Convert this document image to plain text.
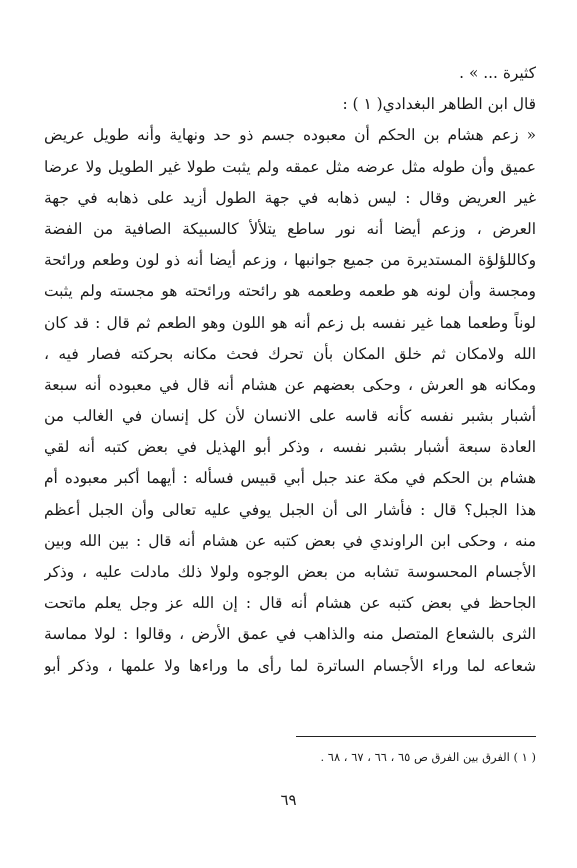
كثيرة ... » .
قال ابن الطاهر البغدادي( ١ ) :
« زعم هشام بن الحكم أن معبوده جسم ذو حد ونهاية وأنه طويل عريض
عميق وأن طوله مثل عرضه مثل عمقه ولم يثبت طولا غير الطويل ولا عرضا
غير العريض وقال : ليس ذهابه في جهة الطول أزيد على ذهابه في جهة
العرض ، وزعم أيضا أنه نور ساطع يتلألأ كالسبيكة الصافية من الفضة
وكاللؤلؤة المستديرة من جميع جوانبها ، وزعم أيضا أنه ذو لون وطعم ورائحة
ومجسة وأن لونه هو طعمه وطعمه هو رائحته ورائحته هو مجسته ولم يثبت
لوناً وطعما هما غير نفسه بل زعم أنه هو اللون وهو الطعم ثم قال : قد كان
الله ولامكان ثم خلق المكان بأن تحرك فحث مكانه بحركته فصار فيه ،
ومكانه هو العرش ، وحكى بعضهم عن هشام أنه قال في معبوده أنه سبعة
أشبار بشبر نفسه كأنه قاسه على الانسان لأن كل إنسان في الغالب من
العادة سبعة أشبار بشبر نفسه ، وذكر أبو الهذيل في بعض كتبه أنه لقي
هشام بن الحكم في مكة عند جبل أبي قبيس فسأله : أيهما أكبر معبوده أم
هذا الجبل؟ قال : فأشار الى أن الجبل يوفي عليه تعالى وأن الجبل أعظم
منه ، وحكى ابن الراوندي في بعض كتبه عن هشام أنه قال : بين الله وبين
الأجسام المحسوسة تشابه من بعض الوجوه ولولا ذلك مادلت عليه ، وذكر
الجاحظ في بعض كتبه عن هشام أنه قال : إن الله عز وجل يعلم ماتحت
الثرى بالشعاع المتصل منه والذاهب في عمق الأرض ، وقالوا : لولا مماسة
شعاعه لما وراء الأجسام الساترة لما رأى ما وراءها ولا علمها ، وذكر أبو
( ١ ) الفرق بين الفرق ص ٦٥ ، ٦٦ ، ٦٧ ، ٦٨ .
٦٩
